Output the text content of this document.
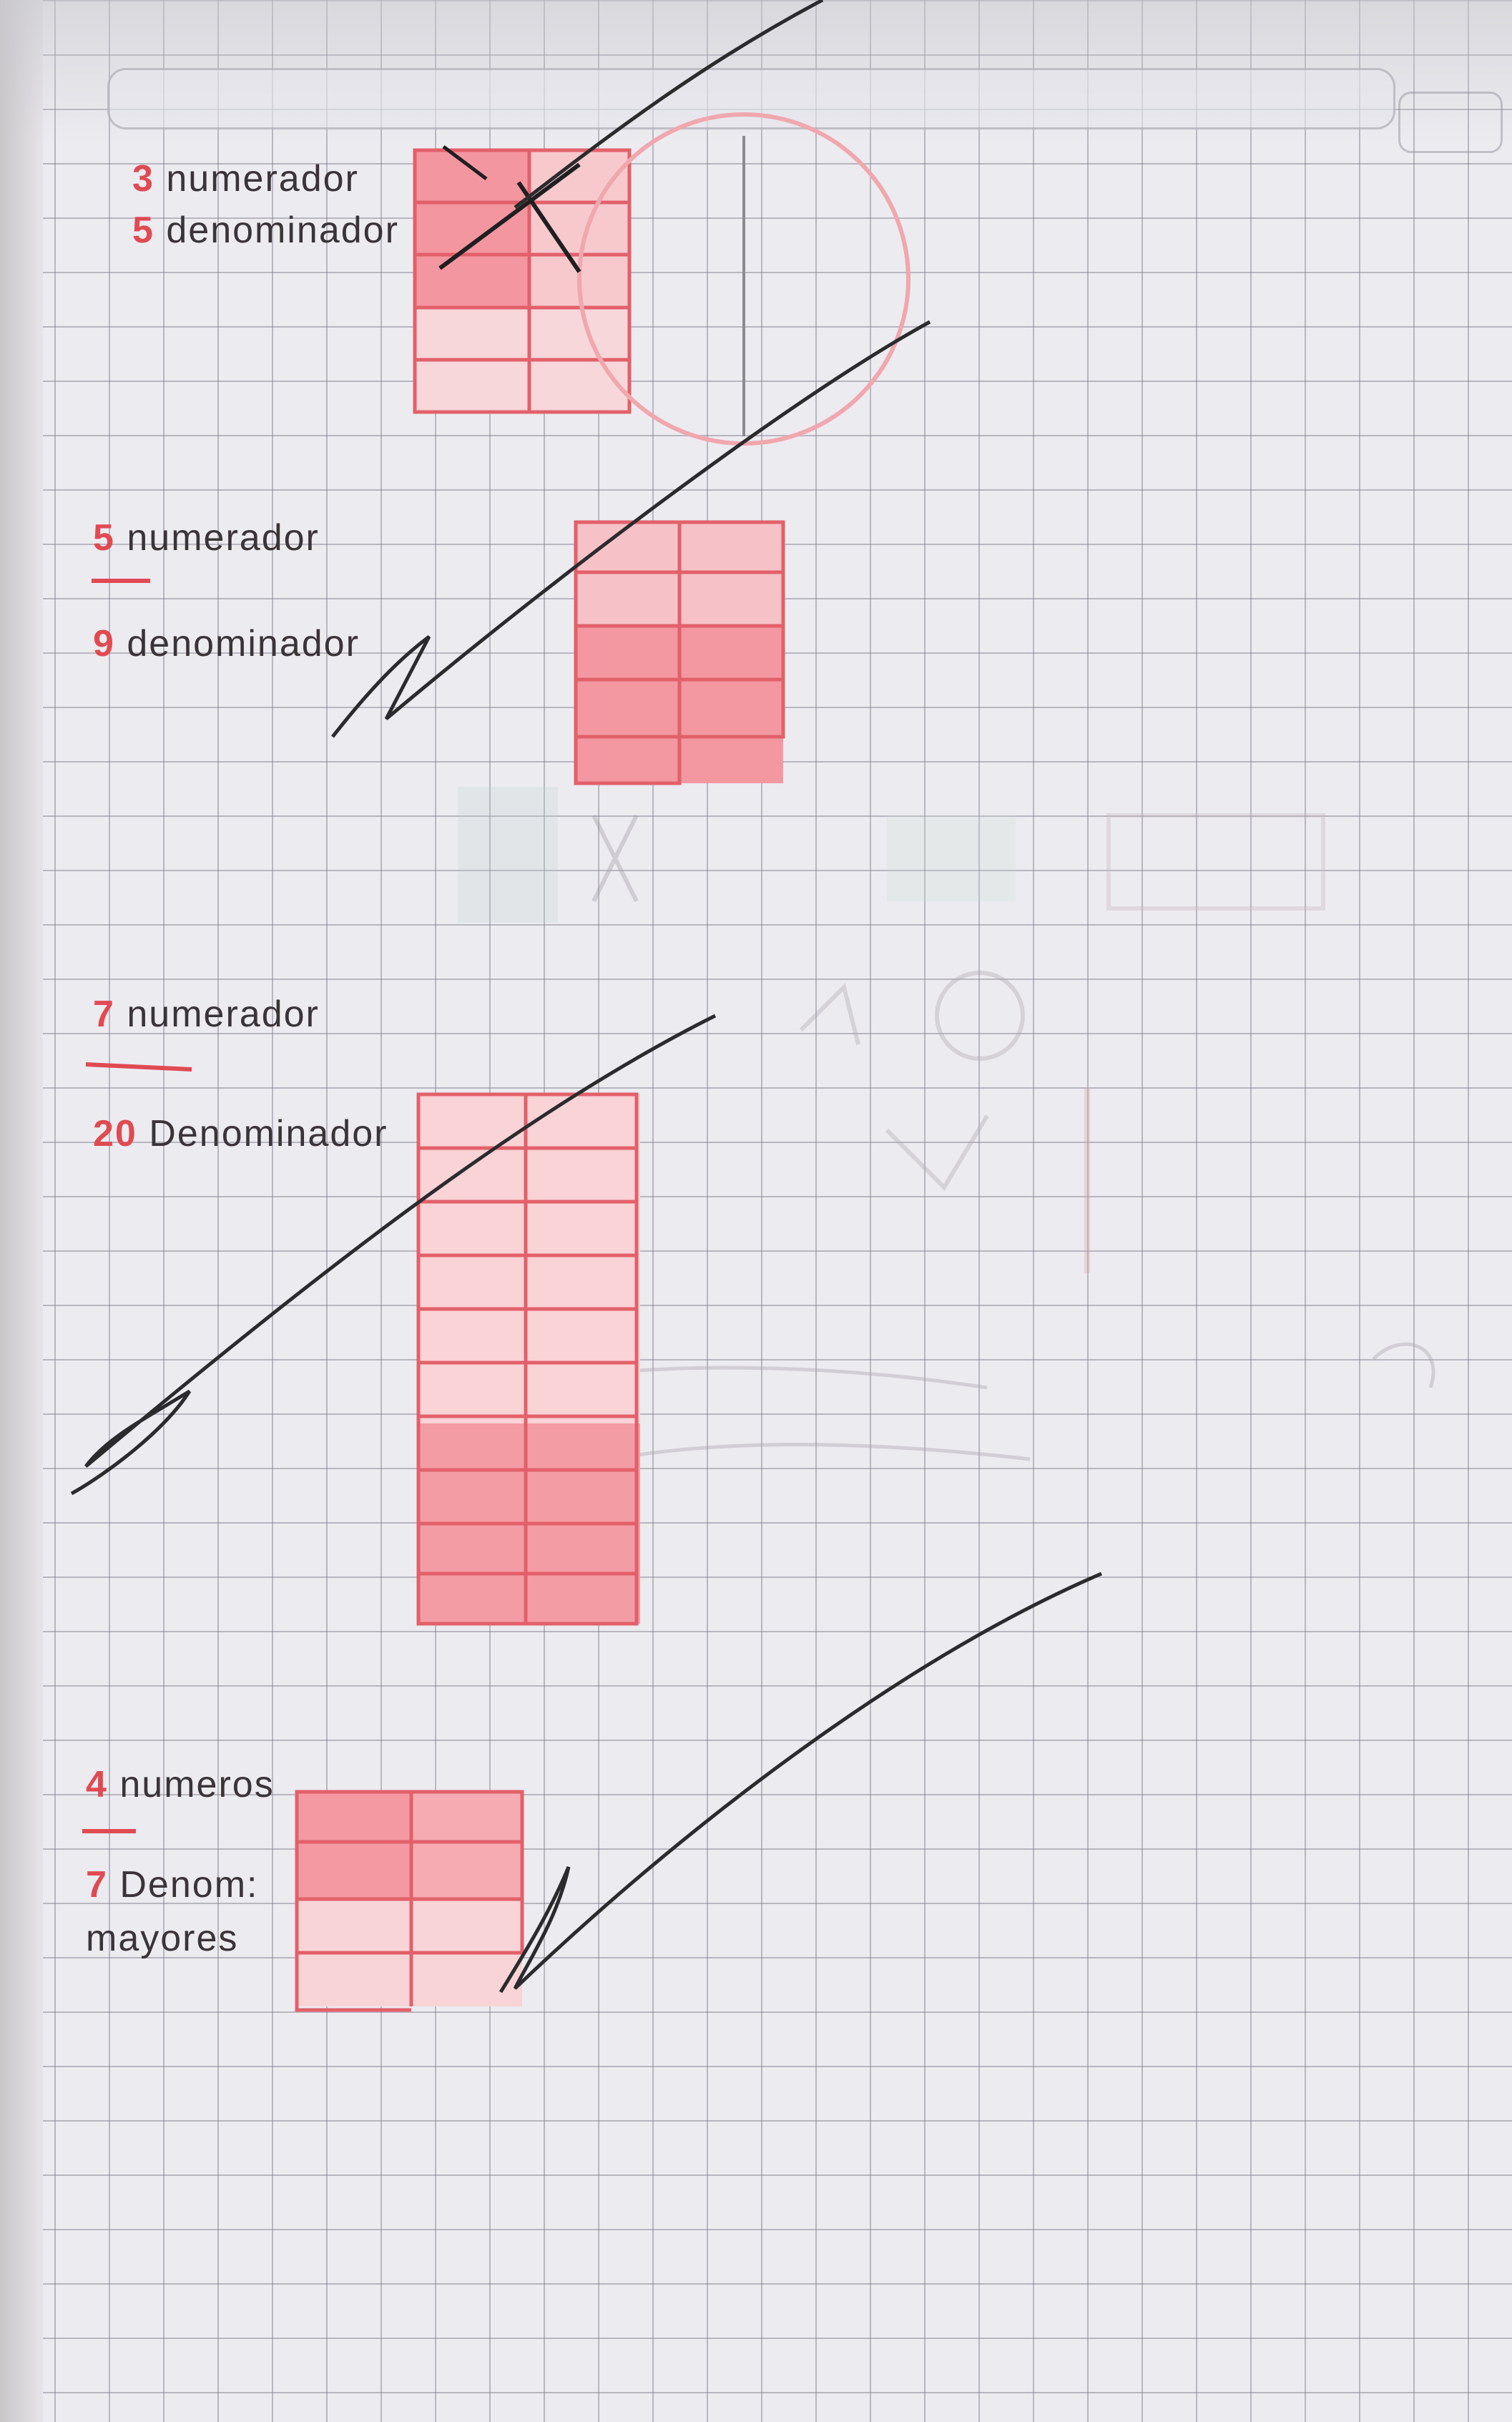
3 numerador
5 denominador
5 numerador
9 denominador
7 numerador
20 Denominador
4 numeros
7 Denom:
mayores
